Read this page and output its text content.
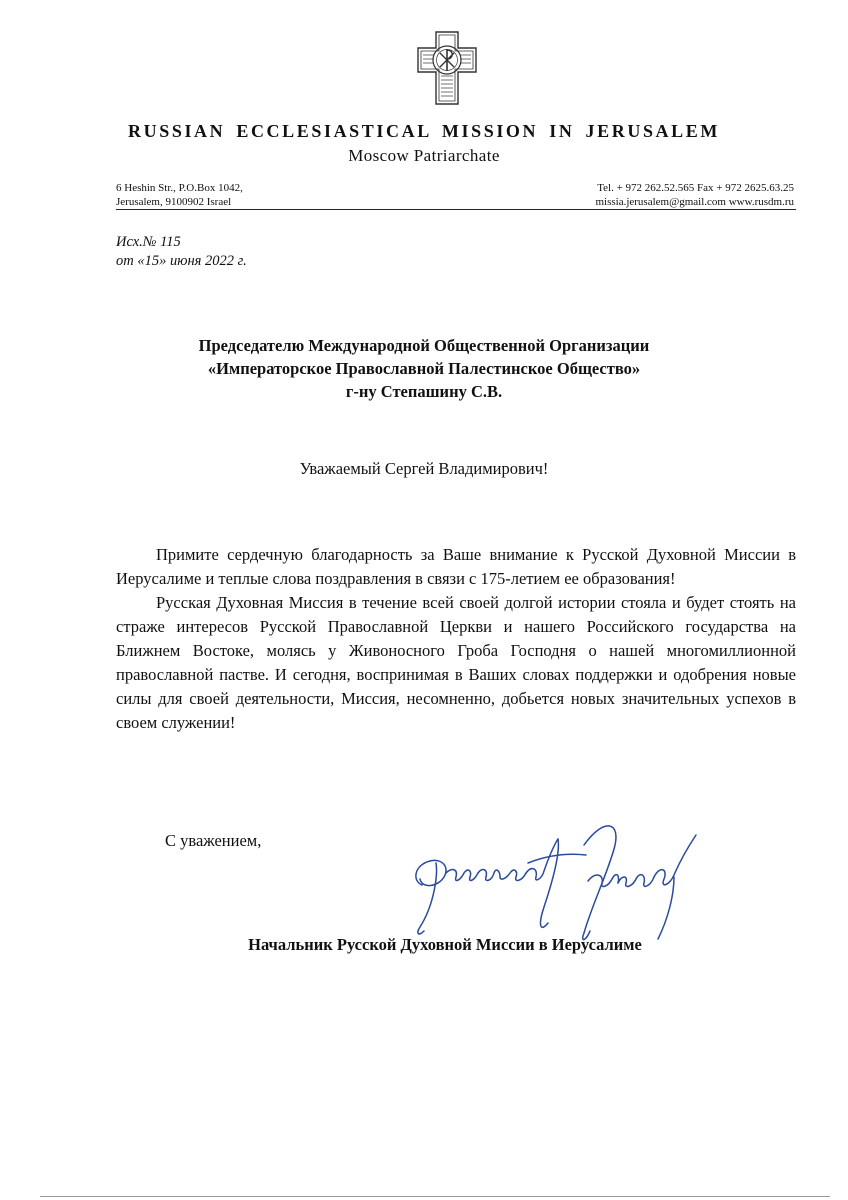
RUSSIAN ECCLESIASTICAL MISSION IN JERUSALEM
Moscow Patriarchate
6 Heshin Str., P.O.Box 1042,
Jerusalem, 9100902 Israel
Tel. + 972 262.52.565 Fax + 972 2625.63.25
missia.jerusalem@gmail.com www.rusdm.ru
Исх.№ 115
от «15» июня 2022 г.
Председателю Международной Общественной Организации
«Императорское Православной Палестинское Общество»
г-ну Степашину С.В.
Уважаемый Сергей Владимирович!

Примите сердечную благодарность за Ваше внимание к Русской Духовной Миссии в Иерусалиме и теплые слова поздравления в связи с 175-летием ее образования!

Русская Духовная Миссия в течение всей своей долгой истории стояла и будет стоять на страже интересов Русской Православной Церкви и нашего Российского государства на Ближнем Востоке, молясь у Живоносного Гроба Господня о нашей многомиллионной православной пастве. И сегодня, воспринимая в Ваших словах поддержки и одобрения новые силы для своей деятельности, Миссия, несомненно, добьется новых значительных успехов в своем служении!

С уважением,
Начальник Русской Духовной Миссии в Иерусалиме
